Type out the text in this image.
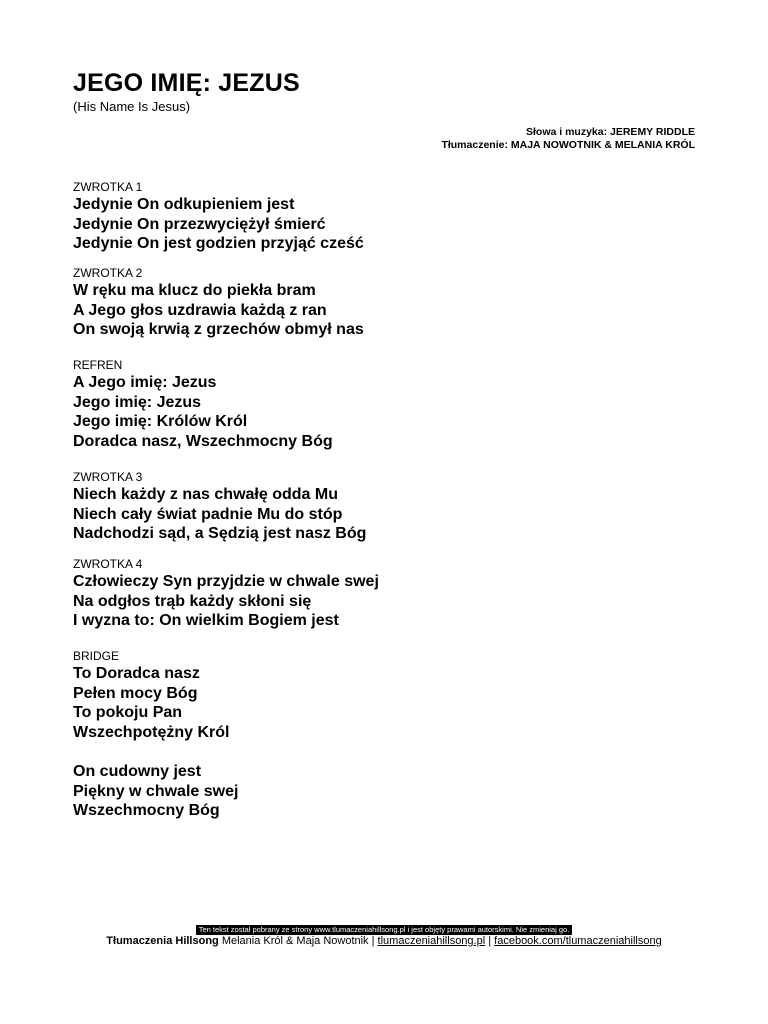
JEGO IMIĘ: JEZUS
(His Name Is Jesus)
Słowa i muzyka: JEREMY RIDDLE
Tłumaczenie: MAJA NOWOTNIK & MELANIA KRÓL
ZWROTKA 1
Jedynie On odkupieniem jest
Jedynie On przezwyciężył śmierć
Jedynie On jest godzien przyjąć cześć
ZWROTKA 2
W ręku ma klucz do piekła bram
A Jego głos uzdrawia każdą z ran
On swoją krwią z grzechów obmył nas
REFREN
A Jego imię: Jezus
Jego imię: Jezus
Jego imię: Królów Król
Doradca nasz, Wszechmocny Bóg
ZWROTKA 3
Niech każdy z nas chwałę odda Mu
Niech cały świat padnie Mu do stóp
Nadchodzi sąd, a Sędzią jest nasz Bóg
ZWROTKA 4
Człowieczy Syn przyjdzie w chwale swej
Na odgłos trąb każdy skłoni się
I wyzna to: On wielkim Bogiem jest
BRIDGE
To Doradca nasz
Pełen mocy Bóg
To pokoju Pan
Wszechpotężny Król
On cudowny jest
Piękny w chwale swej
Wszechmocny Bóg
Ten tekst został pobrany ze strony www.tlumaczeniahillsong.pl i jest objęty prawami autorskimi. Nie zmieniaj go.
Tłumaczenia Hillsong Melania Król & Maja Nowotnik | tlumaczeniahillsong.pl | facebook.com/tlumaczeniahillsong
